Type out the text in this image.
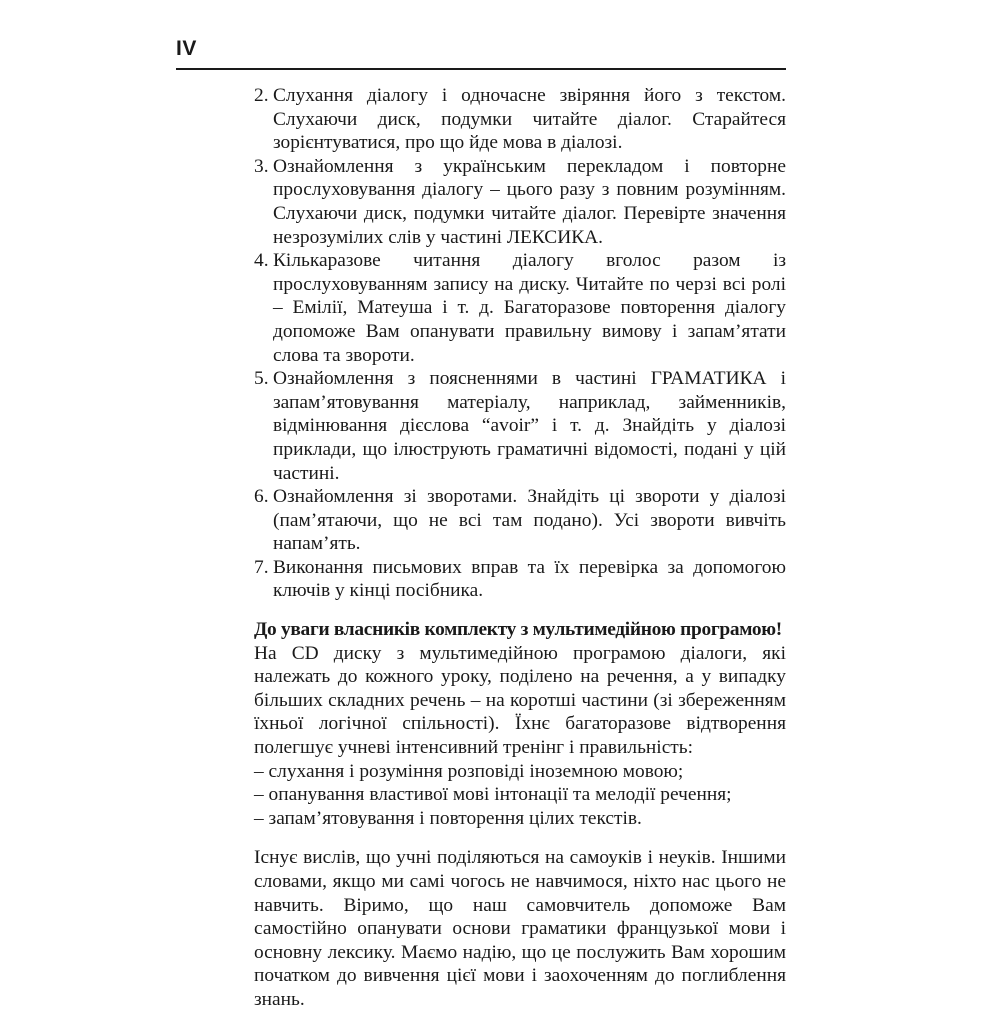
IV
2. Слухання діалогу і одночасне звіряння його з текстом. Слухаючи диск, подумки читайте діалог. Старайтеся зорієнтуватися, про що йде мова в діалозі.
3. Ознайомлення з українським перекладом і повторне прослуховування діалогу – цього разу з повним розумінням. Слухаючи диск, подумки читайте діалог. Перевірте значення незрозумілих слів у частині ЛЕКСИКА.
4. Кількаразове читання діалогу вголос разом із прослуховуванням запису на диску. Читайте по черзі всі ролі – Емілії, Матеуша і т. д. Багаторазове повторення діалогу допоможе Вам опанувати правильну вимову і запам’ятати слова та звороти.
5. Ознайомлення з поясненнями в частині ГРАМАТИКА і запам’ятовування матеріалу, наприклад, займенників, відмінювання дієслова “avoir” і т. д. Знайдіть у діалозі приклади, що ілюструють граматичні відомості, подані у цій частині.
6. Ознайомлення зі зворотами. Знайдіть ці звороти у діалозі (пам’ятаючи, що не всі там подано). Усі звороти вивчіть напам’ять.
7. Виконання письмових вправ та їх перевірка за допомогою ключів у кінці посібника.
До уваги власників комплекту з мультимедійною програмою!

На CD диску з мультимедійною програмою діалоги, які належать до кожного уроку, поділено на речення, а у випадку більших складних речень – на коротші частини (зі збереженням їхньої логічної спільності). Їхнє багаторазове відтворення полегшує учневі інтенсивний тренінг і правильність:

– слухання і розуміння розповіді іноземною мовою;
– опанування властивої мові інтонації та мелодії речення;
– запам’ятовування і повторення цілих текстів.

Існує вислів, що учні поділяються на самоуків і неуків. Іншими словами, якщо ми самі чогось не навчимося, ніхто нас цього не навчить. Віримо, що наш самовчитель допоможе Вам самостійно опанувати основи граматики французької мови і основну лексику. Маємо надію, що це послужить Вам хорошим початком до вивчення цієї мови і заохоченням до поглиблення знань.
